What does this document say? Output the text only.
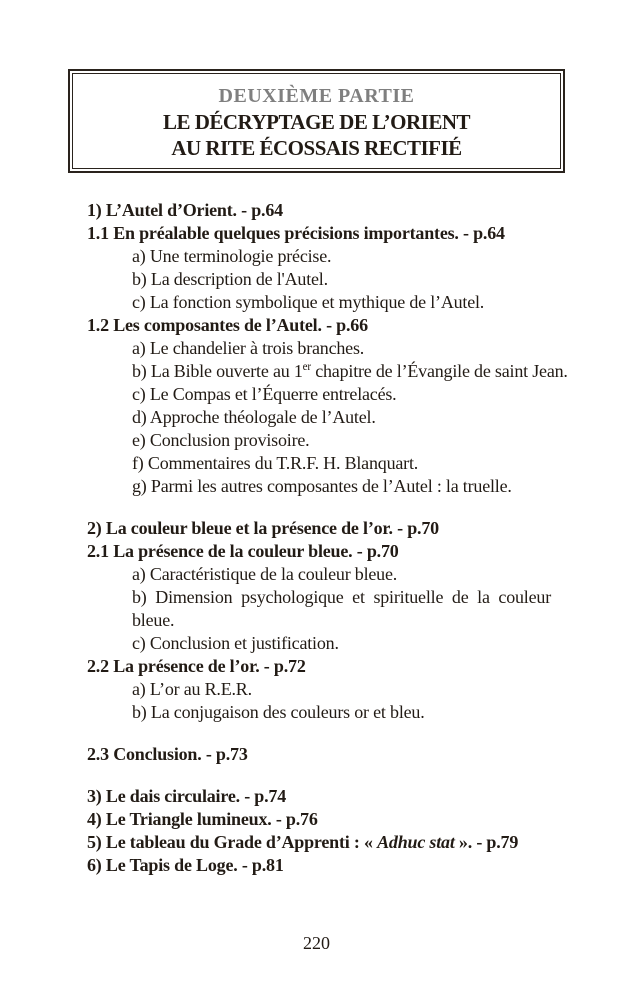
DEUXIÈME PARTIE
LE DÉCRYPTAGE DE L’ORIENT
AU RITE ÉCOSSAIS RECTIFIÉ
1) L’Autel d’Orient. - p.64
1.1 En préalable quelques précisions importantes. - p.64
a) Une terminologie précise.
b) La description de l'Autel.
c) La fonction symbolique et mythique de l’Autel.
1.2 Les composantes de l’Autel. - p.66
a) Le chandelier à trois branches.
b) La Bible ouverte au 1er chapitre de l’Évangile de saint Jean.
c) Le Compas et l’Équerre entrelacés.
d) Approche théologale de l’Autel.
e) Conclusion provisoire.
f) Commentaires du T.R.F. H. Blanquart.
g) Parmi les autres composantes de l’Autel : la truelle.
2) La couleur bleue et la présence de l’or. - p.70
2.1 La présence de la couleur bleue. - p.70
a) Caractéristique de la couleur bleue.
b) Dimension psychologique et spirituelle de la couleur bleue.
c) Conclusion et justification.
2.2 La présence de l’or. - p.72
a) L’or au R.E.R.
b) La conjugaison des couleurs or et bleu.
2.3 Conclusion. - p.73
3) Le dais circulaire. - p.74
4) Le Triangle lumineux. - p.76
5) Le tableau du Grade d’Apprenti : « Adhuc stat ». - p.79
6) Le Tapis de Loge. - p.81
220
